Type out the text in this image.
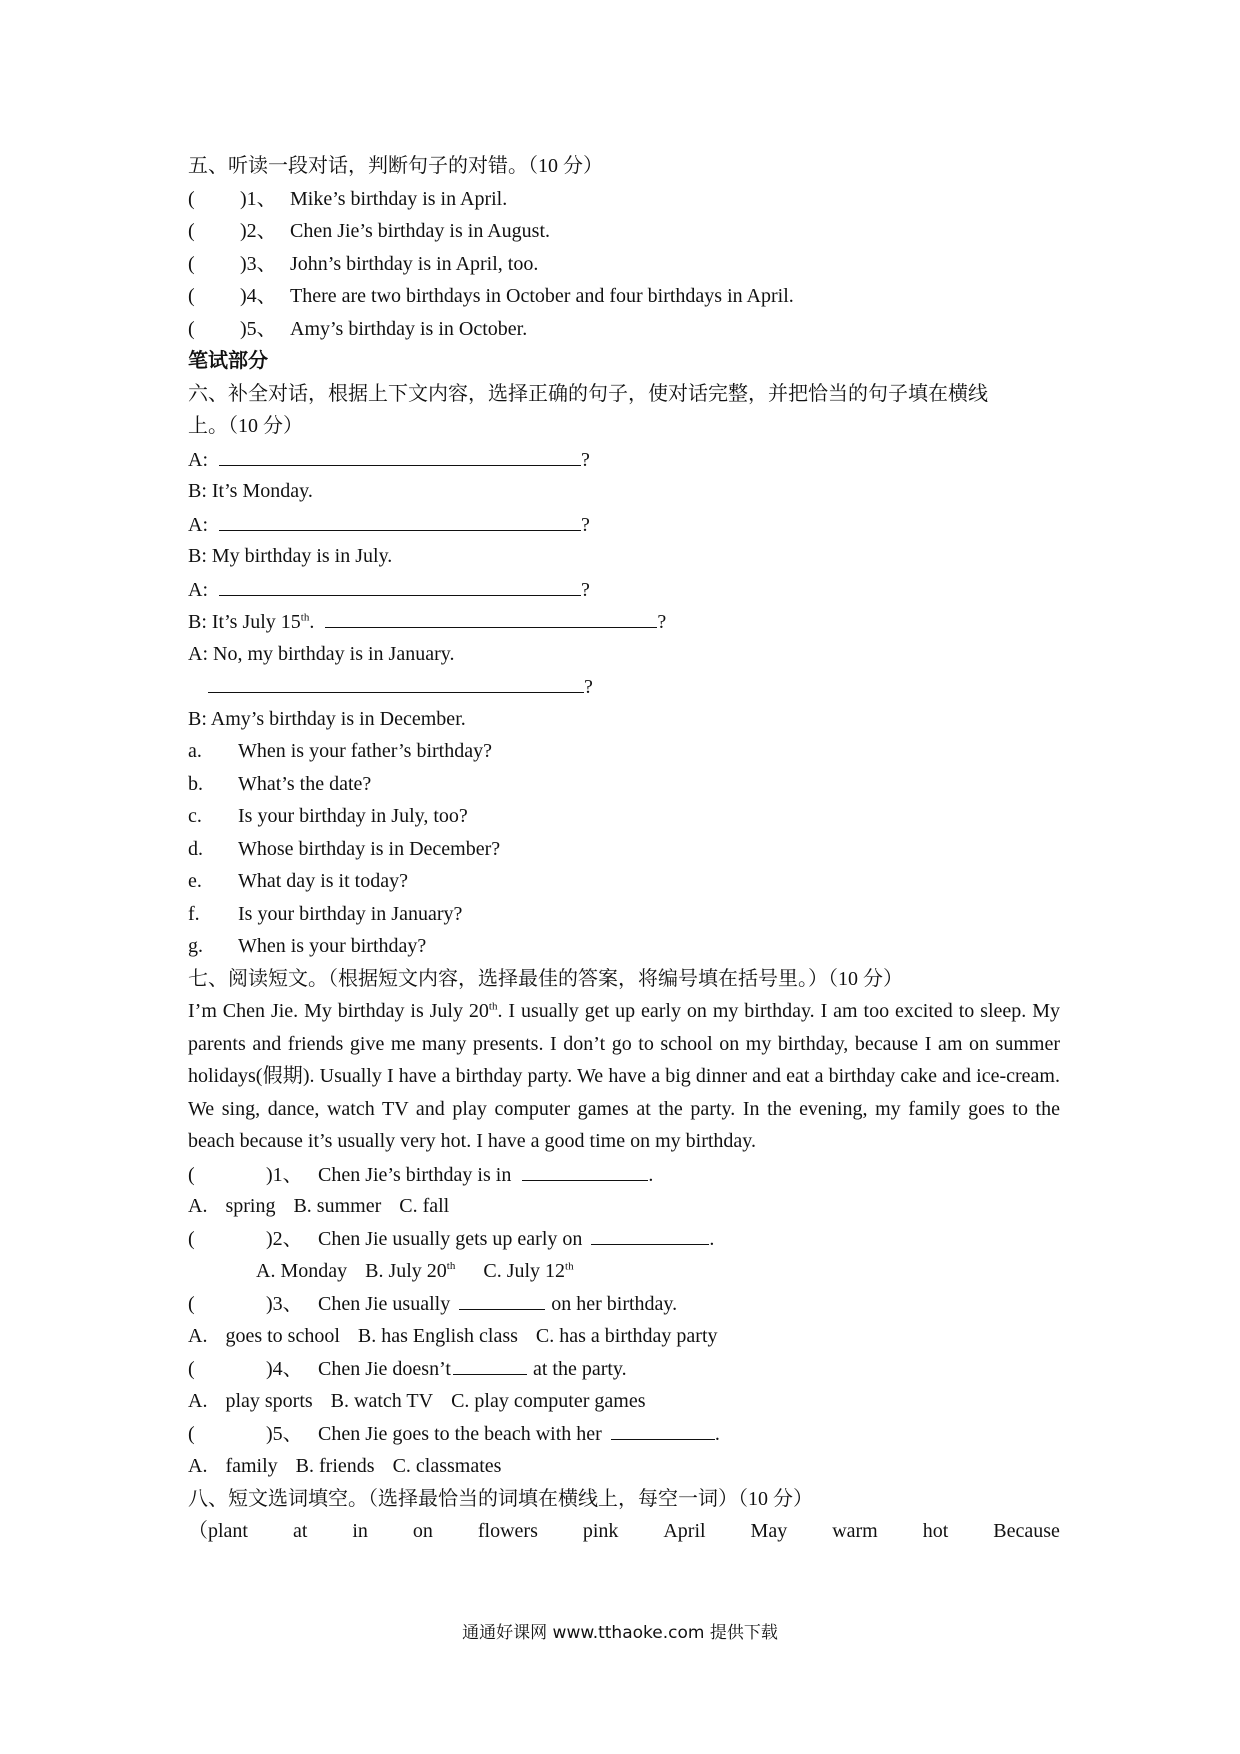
五、听读一段对话，判断句子的对错。（10 分）
( )1、 Mike’s birthday is in April.
( )2、 Chen Jie’s birthday is in August.
( )3、 John’s birthday is in April, too.
( )4、 There are two birthdays in October and four birthdays in April.
( )5、 Amy’s birthday is in October.
笔试部分
六、补全对话，根据上下文内容，选择正确的句子，使对话完整，并把恰当的句子填在横线
上。（10 分）
A:	?
B: It’s Monday.
A:	?
B: My birthday is in July.
A:	?
B: It’s July 15th.	?
A: No, my birthday is in January.
?
B: Amy’s birthday is in December.
a. When is your father’s birthday?
b. What’s the date?
c. Is your birthday in July, too?
d. Whose birthday is in December?
e. What day is it today?
f. Is your birthday in January?
g. When is your birthday?
七、阅读短文。（根据短文内容，选择最佳的答案，将编号填在括号里。）（10 分）
I’m Chen Jie. My birthday is July 20th. I usually get up early on my birthday. I am too excited to sleep. My parents and friends give me many presents. I don’t go to school on my birthday, because I am on summer holidays(假期). Usually I have a birthday party. We have a big dinner and eat a birthday cake and ice-cream. We sing, dance, watch TV and play computer games at the party. In the evening, my family goes to the beach because it’s usually very hot. I have a good time on my birthday.
(	)1、 Chen Jie’s birthday is in	.
A. spring B. summer C. fall
(	)2、 Chen Jie usually gets up early on	.
A. Monday B. July 20th C. July 12th
(	)3、 Chen Jie usually	on her birthday.
A. goes to school B. has English class C. has a birthday party
(	)4、 Chen Jie doesn’t	at the party.
A. play sports B. watch TV C. play computer games
(	)5、 Chen Jie goes to the beach with her	.
A. family B. friends C. classmates
八、短文选词填空。（选择最恰当的词填在横线上，每空一词）（10 分）
（plant at in on flowers pink April May warm hot Because
通通好课网 www.tthaoke.com 提供下载
